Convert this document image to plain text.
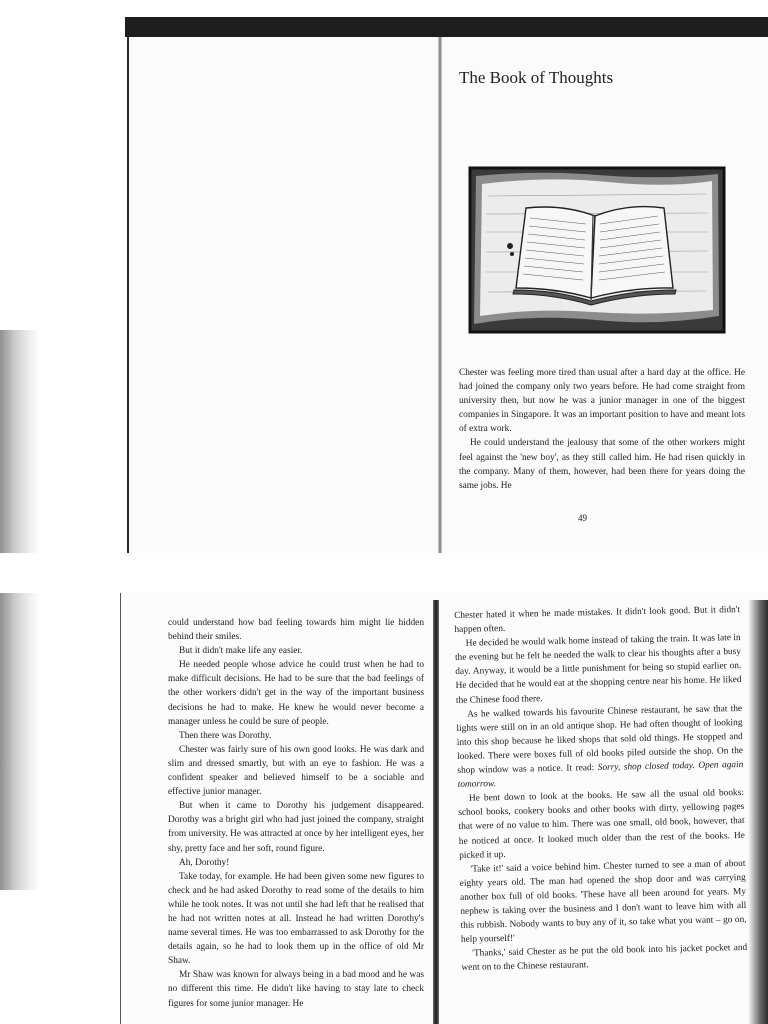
The Book of Thoughts

Chester was feeling more tired than usual after a hard day at the office. He had joined the company only two years before. He had come straight from university then, but now he was a junior manager in one of the biggest companies in Singapore. It was an important position to have and meant lots of extra work.

He could understand the jealousy that some of the other workers might feel against the 'new boy', as they still called him. He had risen quickly in the company. Many of them, however, had been there for years doing the same jobs. He

49

could understand how bad feeling towards him might lie hidden behind their smiles.

But it didn't make life any easier.

He needed people whose advice he could trust when he had to make difficult decisions. He had to be sure that the bad feelings of the other workers didn't get in the way of the important business decisions he had to make. He knew he would never become a manager unless he could be sure of people.

Then there was Dorothy.

Chester was fairly sure of his own good looks. He was dark and slim and dressed smartly, but with an eye to fashion. He was a confident speaker and believed himself to be a sociable and effective junior manager.

But when it came to Dorothy his judgement disappeared. Dorothy was a bright girl who had just joined the company, straight from university. He was attracted at once by her intelligent eyes, her shy, pretty face and her soft, round figure.

Ah, Dorothy!

Take today, for example. He had been given some new figures to check and he had asked Dorothy to read some of the details to him while he took notes. It was not until she had left that he realised that he had not written notes at all. Instead he had written Dorothy's name several times. He was too embarrassed to ask Dorothy for the details again, so he had to look them up in the office of old Mr Shaw.

Mr Shaw was known for always being in a bad mood and he was no different this time. He didn't like having to stay late to check figures for some junior manager. He

Chester hated it when he made mistakes. It didn't look good. But it didn't happen often.

He decided he would walk home instead of taking the train. It was late in the evening but he felt he needed the walk to clear his thoughts after a busy day. Anyway, it would be a little punishment for being so stupid earlier on. He decided that he would eat at the shopping centre near his home. He liked the Chinese food there.

As he walked towards his favourite Chinese restaurant, he saw that the lights were still on in an old antique shop. He had often thought of looking into this shop because he liked shops that sold old things. He stopped and looked. There were boxes full of old books piled outside the shop. On the shop window was a notice. It read: Sorry, shop closed today. Open again tomorrow.

He bent down to look at the books. He saw all the usual old books: school books, cookery books and other books with dirty, yellowing pages that were of no value to him. There was one small, old book, however, that he noticed at once. It looked much older than the rest of the books. He picked it up.

'Take it!' said a voice behind him. Chester turned to see a man of about eighty years old. The man had opened the shop door and was carrying another box full of old books. 'These have all been around for years. My nephew is taking over the business and I don't want to leave him with all this rubbish. Nobody wants to buy any of it, so take what you want – go on, help yourself!'

'Thanks,' said Chester as he put the old book into his jacket pocket and went on to the Chinese restaurant.
